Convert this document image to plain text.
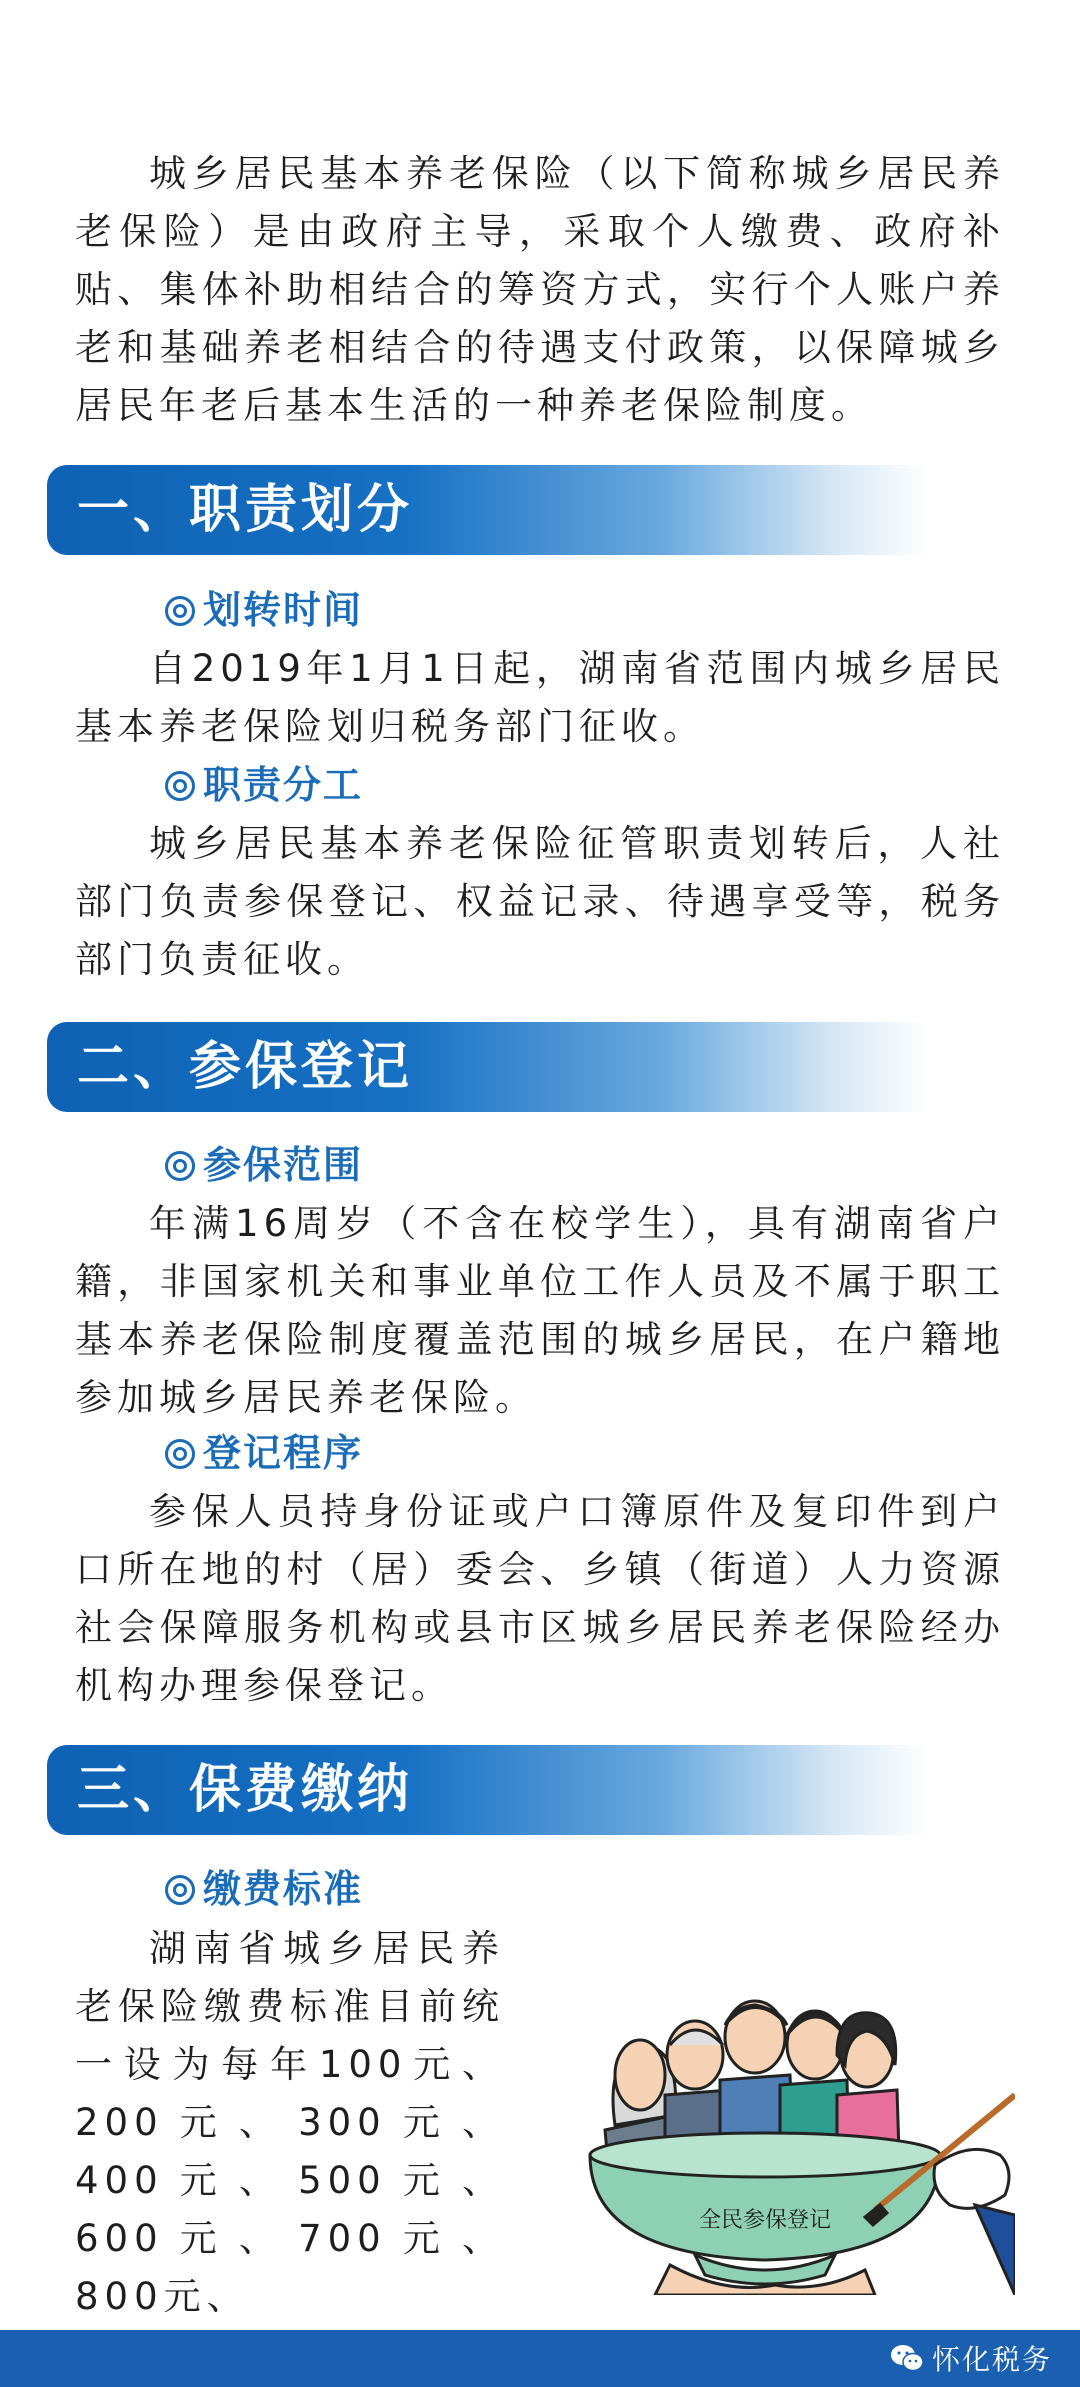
城乡居民基本养老保险（以下简称城乡居民养老保险）是由政府主导，采取个人缴费、政府补贴、集体补助相结合的筹资方式，实行个人账户养老和基础养老相结合的待遇支付政策，以保障城乡居民年老后基本生活的一种养老保险制度。

一、职责划分
划转时间

自2019年1月1日起，湖南省范围内城乡居民基本养老保险划归税务部门征收。

职责分工

城乡居民基本养老保险征管职责划转后，人社部门负责参保登记、权益记录、待遇享受等，税务部门负责征收。

二、参保登记
参保范围

年满16周岁（不含在校学生），具有湖南省户籍，非国家机关和事业单位工作人员及不属于职工基本养老保险制度覆盖范围的城乡居民，在户籍地参加城乡居民养老保险。

登记程序

参保人员持身份证或户口簿原件及复印件到户口所在地的村（居）委会、乡镇（街道）人力资源社会保障服务机构或县市区城乡居民养老保险经办机构办理参保登记。

三、保费缴纳
缴费标准

湖南省城乡居民养老保险缴费标准目前统一设为每年100元、200元、300元、400元、500元、600元、700元、800元、

全民参保登记
怀化税务
